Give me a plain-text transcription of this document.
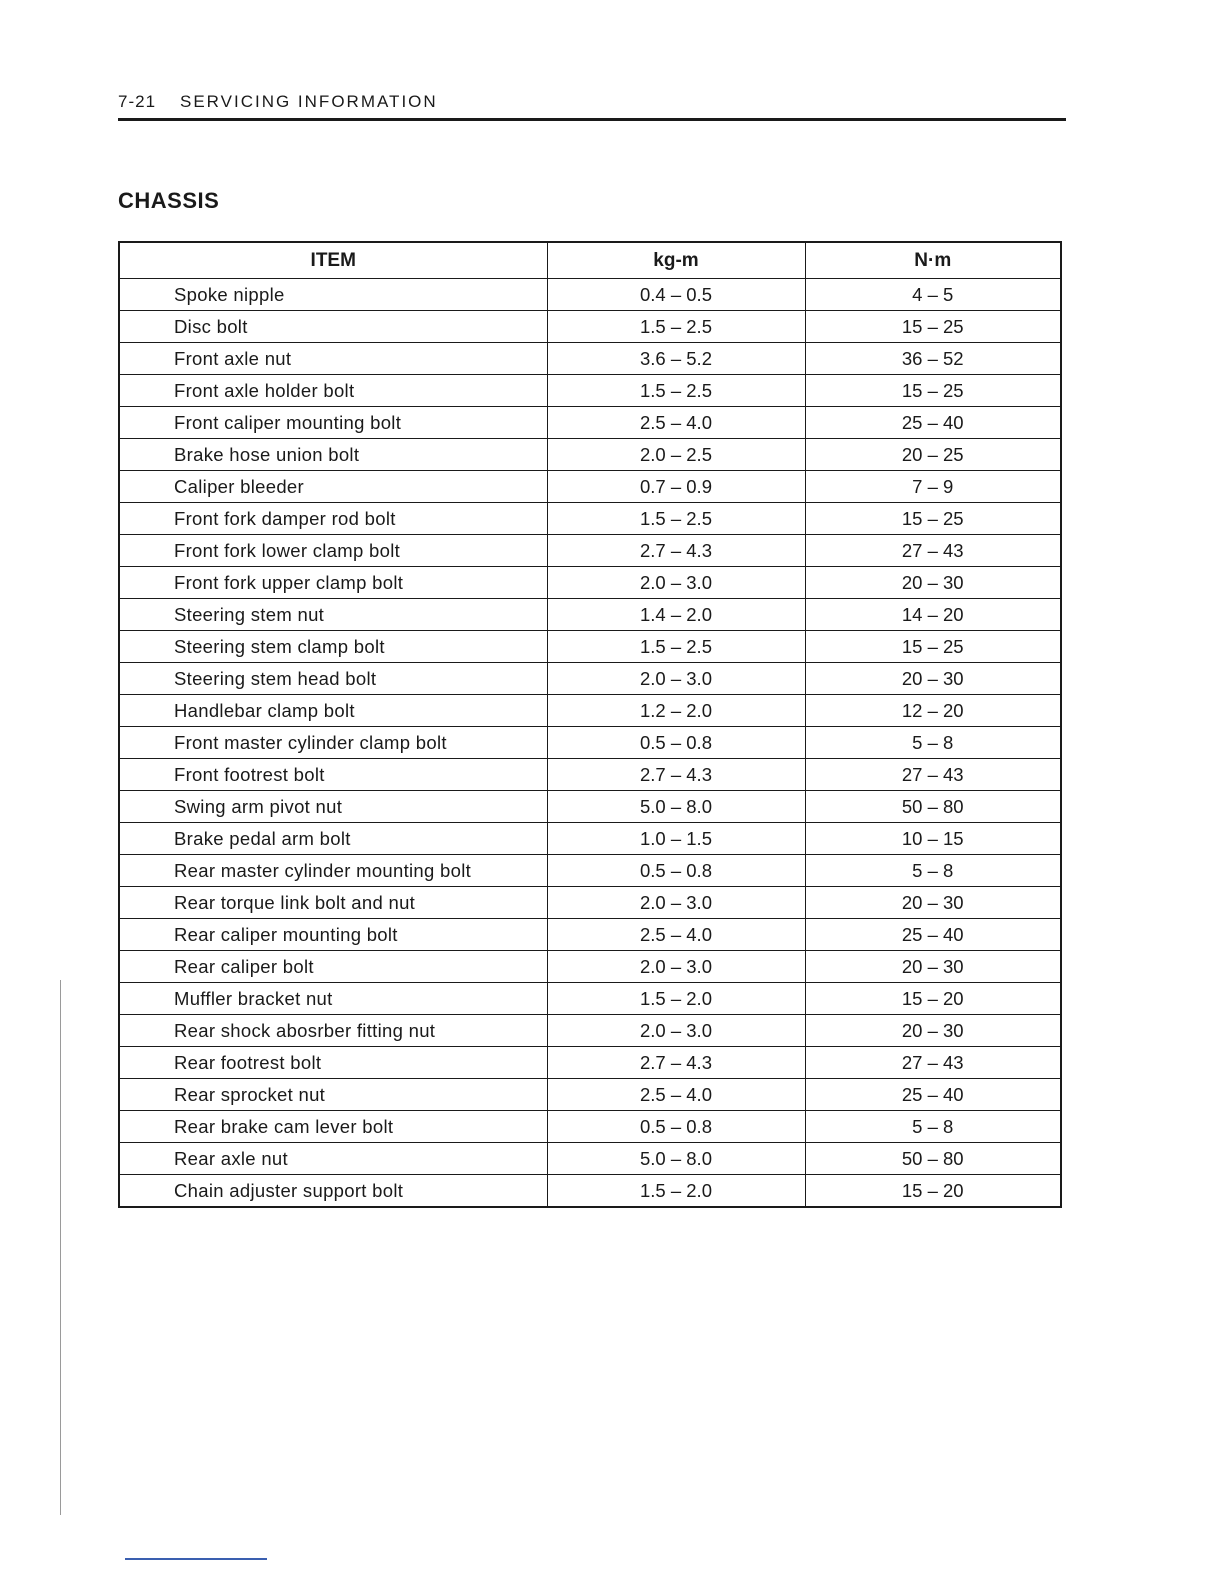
7-21 SERVICING INFORMATION
CHASSIS
ITEM	kg-m	N·m
Spoke nipple	0.4 – 0.5	4 – 5
Disc bolt	1.5 – 2.5	15 – 25
Front axle nut	3.6 – 5.2	36 – 52
Front axle holder bolt	1.5 – 2.5	15 – 25
Front caliper mounting bolt	2.5 – 4.0	25 – 40
Brake hose union bolt	2.0 – 2.5	20 – 25
Caliper bleeder	0.7 – 0.9	7 – 9
Front fork damper rod bolt	1.5 – 2.5	15 – 25
Front fork lower clamp bolt	2.7 – 4.3	27 – 43
Front fork upper clamp bolt	2.0 – 3.0	20 – 30
Steering stem nut	1.4 – 2.0	14 – 20
Steering stem clamp bolt	1.5 – 2.5	15 – 25
Steering stem head bolt	2.0 – 3.0	20 – 30
Handlebar clamp bolt	1.2 – 2.0	12 – 20
Front master cylinder clamp bolt	0.5 – 0.8	5 – 8
Front footrest bolt	2.7 – 4.3	27 – 43
Swing arm pivot nut	5.0 – 8.0	50 – 80
Brake pedal arm bolt	1.0 – 1.5	10 – 15
Rear master cylinder mounting bolt	0.5 – 0.8	5 – 8
Rear torque link bolt and nut	2.0 – 3.0	20 – 30
Rear caliper mounting bolt	2.5 – 4.0	25 – 40
Rear caliper bolt	2.0 – 3.0	20 – 30
Muffler bracket nut	1.5 – 2.0	15 – 20
Rear shock abosrber fitting nut	2.0 – 3.0	20 – 30
Rear footrest bolt	2.7 – 4.3	27 – 43
Rear sprocket nut	2.5 – 4.0	25 – 40
Rear brake cam lever bolt	0.5 – 0.8	5 – 8
Rear axle nut	5.0 – 8.0	50 – 80
Chain adjuster support bolt	1.5 – 2.0	15 – 20
